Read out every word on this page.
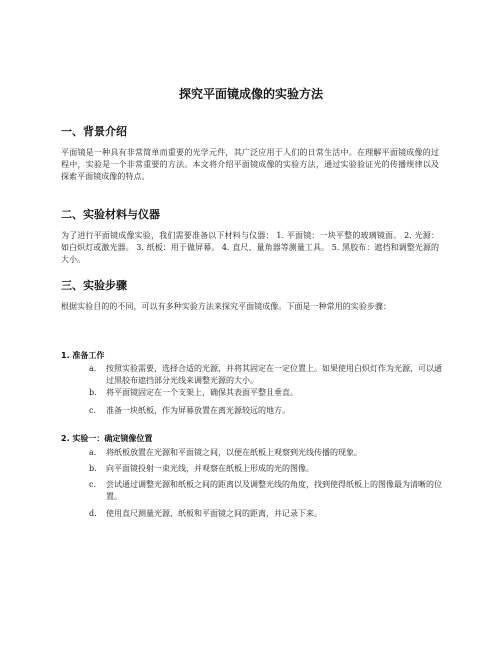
探究平面镜成像的实验方法
一、背景介绍
平面镜是一种具有非常简单而重要的光学元件，其广泛应用于人们的日常生活中。在理解平面镜成像的过程中，实验是一个非常重要的方法。本文将介绍平面镜成像的实验方法，通过实验验证光的传播规律以及探索平面镜成像的特点。
二、实验材料与仪器
为了进行平面镜成像实验，我们需要准备以下材料与仪器： 1. 平面镜：一块平整的玻璃镜面。 2. 光源：如白炽灯或激光器。 3. 纸板：用于做屏幕。 4. 直尺、量角器等测量工具。 5. 黑胶布：遮挡和调整光源的大小。
三、实验步骤
根据实验目的的不同，可以有多种实验方法来探究平面镜成像。下面是一种常用的实验步骤：
1. 准备工作
a. 按照实验需要，选择合适的光源，并将其固定在一定位置上。如果使用白炽灯作为光源，可以通过黑胶布遮挡部分光线来调整光源的大小。
b. 将平面镜固定在一个支架上，确保其表面平整且垂直。
c. 准备一块纸板，作为屏幕放置在离光源较远的地方。
2. 实验一：确定镜像位置
a. 将纸板放置在光源和平面镜之间，以便在纸板上观察到光线传播的现象。
b. 向平面镜投射一束光线，并观察在纸板上形成的光的图像。
c. 尝试通过调整光源和纸板之间的距离以及调整光线的角度，找到使得纸板上的图像最为清晰的位置。
d. 使用直尺测量光源、纸板和平面镜之间的距离，并记录下来。
